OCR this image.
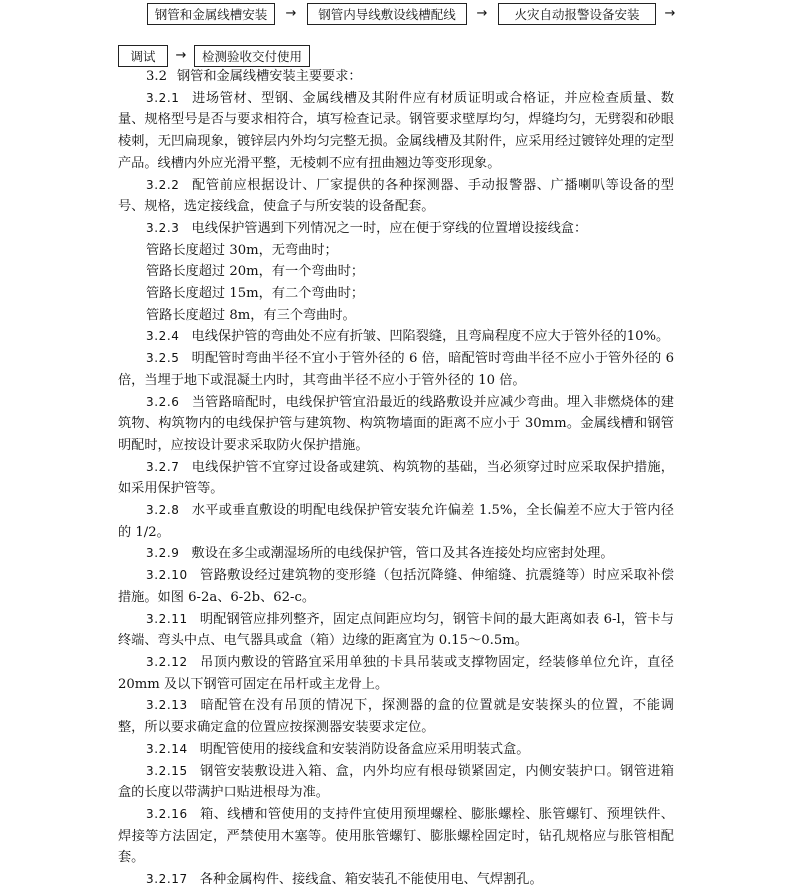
钢管和金属线槽安装	→	钢管内导线敷设线槽配线	→	火灾自动报警设备安装	→
调试	→	检测验收交付使用

3.2 钢管和金属线槽安装主要要求：

3.2.1 进场管材、型钢、金属线槽及其附件应有材质证明或合格证，并应检查质量、数量、规格型号是否与要求相符合，填写检查记录。钢管要求壁厚均匀，焊缝均匀，无劈裂和砂眼棱刺，无凹扁现象，镀锌层内外均匀完整无损。金属线槽及其附件，应采用经过镀锌处理的定型产品。线槽内外应光滑平整，无棱刺不应有扭曲翘边等变形现象。

3.2.2 配管前应根据设计、厂家提供的各种探测器、手动报警器、广播喇叭等设备的型号、规格，选定接线盒，使盒子与所安装的设备配套。

3.2.3 电线保护管遇到下列情况之一时，应在便于穿线的位置增设接线盒：

管路长度超过 30m，无弯曲时；

管路长度超过 20m，有一个弯曲时；

管路长度超过 15m，有二个弯曲时；

管路长度超过 8m，有三个弯曲时。

3.2.4 电线保护管的弯曲处不应有折皱、凹陷裂缝，且弯扁程度不应大于管外径的10%。

3.2.5 明配管时弯曲半径不宜小于管外径的 6 倍，暗配管时弯曲半径不应小于管外径的 6 倍，当埋于地下或混凝土内时，其弯曲半径不应小于管外径的 10 倍。

3.2.6 当管路暗配时，电线保护管宜沿最近的线路敷设并应减少弯曲。埋入非燃烧体的建筑物、构筑物内的电线保护管与建筑物、构筑物墙面的距离不应小于 30mm。金属线槽和钢管明配时，应按设计要求采取防火保护措施。

3.2.7 电线保护管不宜穿过设备或建筑、构筑物的基础，当必须穿过时应采取保护措施，如采用保护管等。

3.2.8 水平或垂直敷设的明配电线保护管安装允许偏差 1.5%，全长偏差不应大于管内径的 1/2。

3.2.9 敷设在多尘或潮湿场所的电线保护管，管口及其各连接处均应密封处理。

3.2.10 管路敷设经过建筑物的变形缝（包括沉降缝、伸缩缝、抗震缝等）时应采取补偿措施。如图 6-2a、6-2b、62-c。

3.2.11 明配钢管应排列整齐，固定点间距应均匀，钢管卡间的最大距离如表 6-l，管卡与终端、弯头中点、电气器具或盒（箱）边缘的距离宜为 0.15～0.5m。

3.2.12 吊顶内敷设的管路宜采用单独的卡具吊装或支撑物固定，经装修单位允许，直径 20mm 及以下钢管可固定在吊杆或主龙骨上。

3.2.13 暗配管在没有吊顶的情况下，探测器的盒的位置就是安装探头的位置，不能调整，所以要求确定盒的位置应按探测器安装要求定位。

3.2.14 明配管使用的接线盒和安装消防设备盒应采用明装式盒。

3.2.15 钢管安装敷设进入箱、盒，内外均应有根母锁紧固定，内侧安装护口。钢管进箱盒的长度以带满护口贴进根母为准。

3.2.16 箱、线槽和管使用的支持件宜使用预埋螺栓、膨胀螺栓、胀管螺钉、预埋铁件、焊接等方法固定，严禁使用木塞等。使用胀管螺钉、膨胀螺栓固定时，钻孔规格应与胀管相配套。

3.2.17 各种金属构件、接线盒、箱安装孔不能使用电、气焊割孔。
